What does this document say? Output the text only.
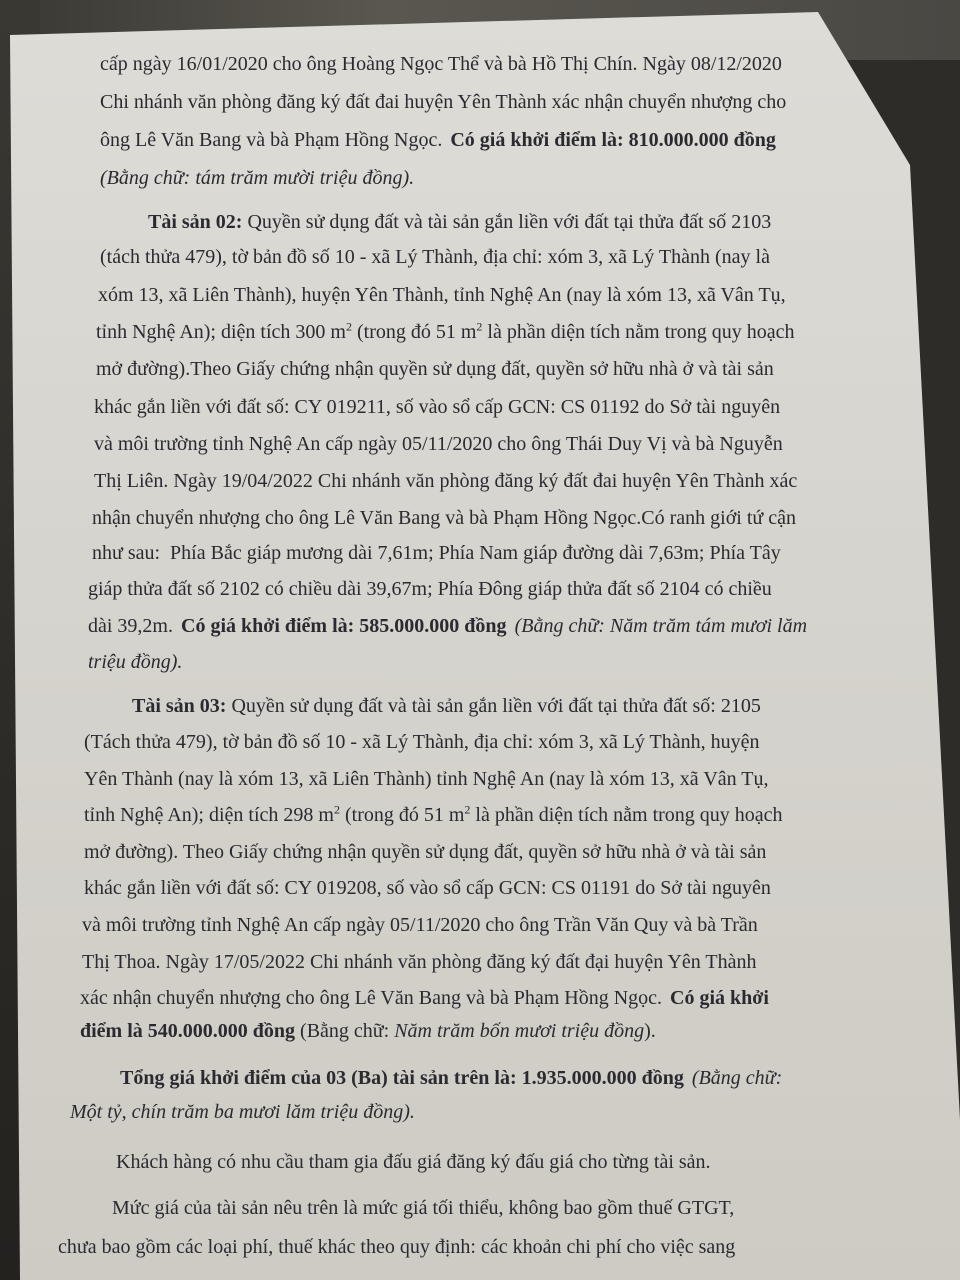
cấp ngày 16/01/2020 cho ông Hoàng Ngọc Thể và bà Hồ Thị Chín. Ngày 08/12/2020
Chi nhánh văn phòng đăng ký đất đai huyện Yên Thành xác nhận chuyển nhượng cho
ông Lê Văn Bang và bà Phạm Hồng Ngọc. Có giá khởi điểm là: 810.000.000 đồng
(Bằng chữ: tám trăm mười triệu đồng).
Tài sản 02: Quyền sử dụng đất và tài sản gắn liền với đất tại thửa đất số 2103
(tách thửa 479), tờ bản đồ số 10 - xã Lý Thành, địa chỉ: xóm 3, xã Lý Thành (nay là
xóm 13, xã Liên Thành), huyện Yên Thành, tỉnh Nghệ An (nay là xóm 13, xã Vân Tụ,
tỉnh Nghệ An); diện tích 300 $m^2$ (trong đó 51 $m^2$ là phần diện tích nằm trong quy hoạch
mở đường).Theo Giấy chứng nhận quyền sử dụng đất, quyền sở hữu nhà ở và tài sản
khác gắn liền với đất số: CY 019211, số vào sổ cấp GCN: CS 01192 do Sở tài nguyên
và môi trường tỉnh Nghệ An cấp ngày 05/11/2020 cho ông Thái Duy Vị và bà Nguyễn
Thị Liên. Ngày 19/04/2022 Chi nhánh văn phòng đăng ký đất đai huyện Yên Thành xác
nhận chuyển nhượng cho ông Lê Văn Bang và bà Phạm Hồng Ngọc.Có ranh giới tứ cận
như sau:  Phía Bắc giáp mương dài 7,61m; Phía Nam giáp đường dài 7,63m; Phía Tây
giáp thửa đất số 2102 có chiều dài 39,67m; Phía Đông giáp thửa đất số 2104 có chiều
dài 39,2m. Có giá khởi điểm là: 585.000.000 đồng (Bằng chữ: Năm trăm tám mươi lăm
triệu đồng).
Tài sản 03: Quyền sử dụng đất và tài sản gắn liền với đất tại thửa đất số: 2105
(Tách thửa 479), tờ bản đồ số 10 - xã Lý Thành, địa chỉ: xóm 3, xã Lý Thành, huyện
Yên Thành (nay là xóm 13, xã Liên Thành) tỉnh Nghệ An (nay là xóm 13, xã Vân Tụ,
tỉnh Nghệ An); diện tích 298 $m^2$ (trong đó 51 $m^2$ là phần diện tích nằm trong quy hoạch
mở đường). Theo Giấy chứng nhận quyền sử dụng đất, quyền sở hữu nhà ở và tài sản
khác gắn liền với đất số: CY 019208, số vào sổ cấp GCN: CS 01191 do Sở tài nguyên
và môi trường tỉnh Nghệ An cấp ngày 05/11/2020 cho ông Trần Văn Quy và bà Trần
Thị Thoa. Ngày 17/05/2022 Chi nhánh văn phòng đăng ký đất đại huyện Yên Thành
xác nhận chuyển nhượng cho ông Lê Văn Bang và bà Phạm Hồng Ngọc. Có giá khởi
điểm là 540.000.000 đồng (Bằng chữ: Năm trăm bốn mươi triệu đồng ).
Tổng giá khởi điểm của 03 (Ba) tài sản trên là: 1.935.000.000 đồng (Bằng chữ:
Một tỷ, chín trăm ba mươi lăm triệu đồng).
Khách hàng có nhu cầu tham gia đấu giá đăng ký đấu giá cho từng tài sản.
Mức giá của tài sản nêu trên là mức giá tối thiểu, không bao gồm thuế GTGT,
chưa bao gồm các loại phí, thuế khác theo quy định: các khoản chi phí cho việc sang
